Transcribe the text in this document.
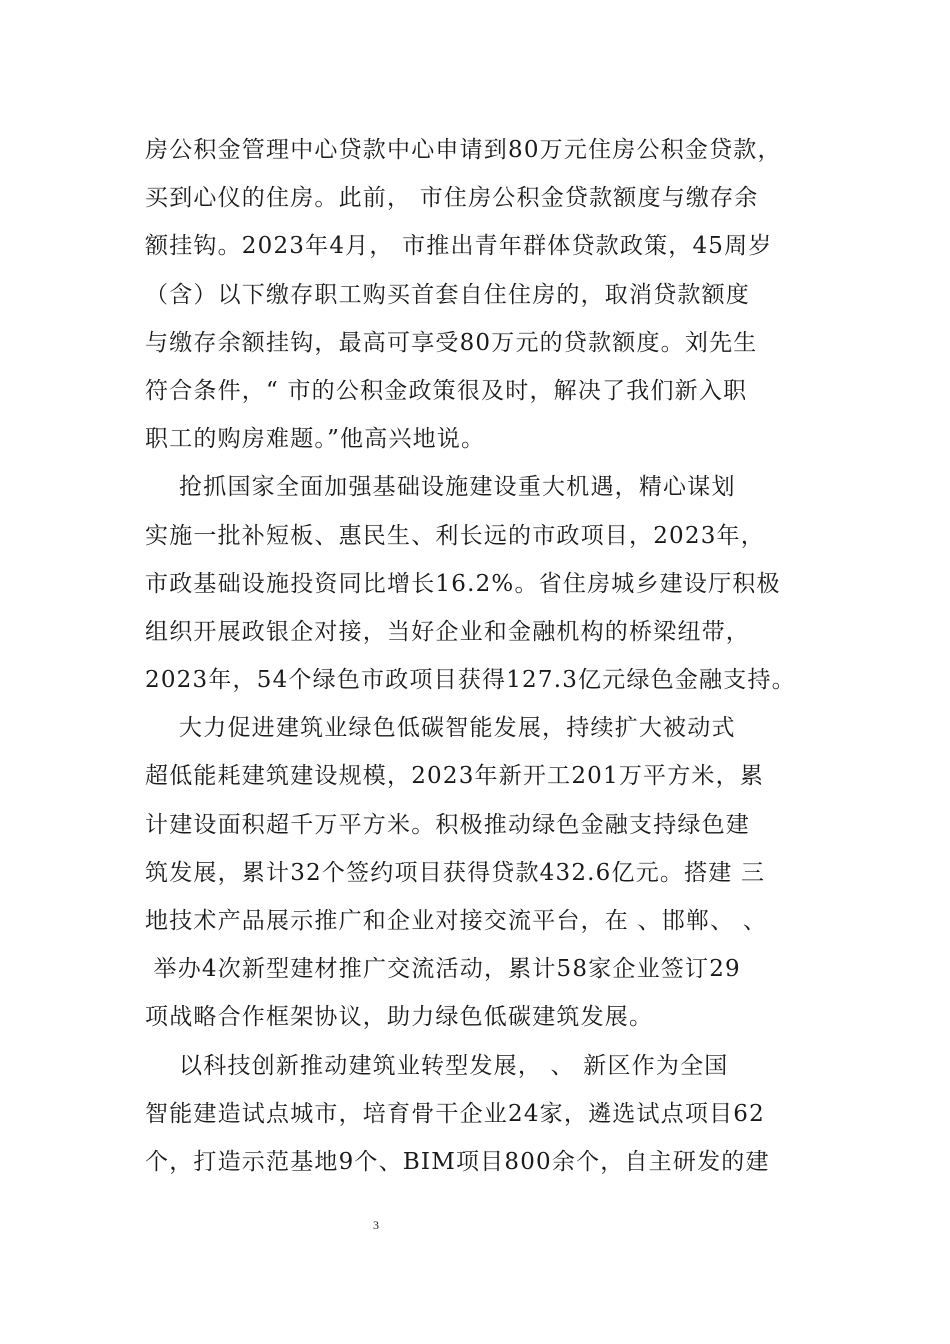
房公积金管理中心贷款中心申请到80万元住房公积金贷款，
买到心仪的住房。此前， 市住房公积金贷款额度与缴存余
额挂钩。2023年4月， 市推出青年群体贷款政策，45周岁
（含）以下缴存职工购买首套自住住房的，取消贷款额度
与缴存余额挂钩，最高可享受80万元的贷款额度。刘先生
符合条件，“ 市的公积金政策很及时，解决了我们新入职
职工的购房难题。”他高兴地说。
抢抓国家全面加强基础设施建设重大机遇，精心谋划
实施一批补短板、惠民生、利长远的市政项目，2023年，
市政基础设施投资同比增长16.2%。省住房城乡建设厅积极
组织开展政银企对接，当好企业和金融机构的桥梁纽带，
2023年，54个绿色市政项目获得127.3亿元绿色金融支持。
大力促进建筑业绿色低碳智能发展，持续扩大被动式
超低能耗建筑建设规模，2023年新开工201万平方米，累
计建设面积超千万平方米。积极推动绿色金融支持绿色建
筑发展，累计32个签约项目获得贷款432.6亿元。搭建 三
地技术产品展示推广和企业对接交流平台，在 、邯郸、 、
举办4次新型建材推广交流活动，累计58家企业签订29
项战略合作框架协议，助力绿色低碳建筑发展。
以科技创新推动建筑业转型发展， 、 新区作为全国
智能建造试点城市，培育骨干企业24家，遴选试点项目62
个，打造示范基地9个、BIM项目800余个，自主研发的建
3
